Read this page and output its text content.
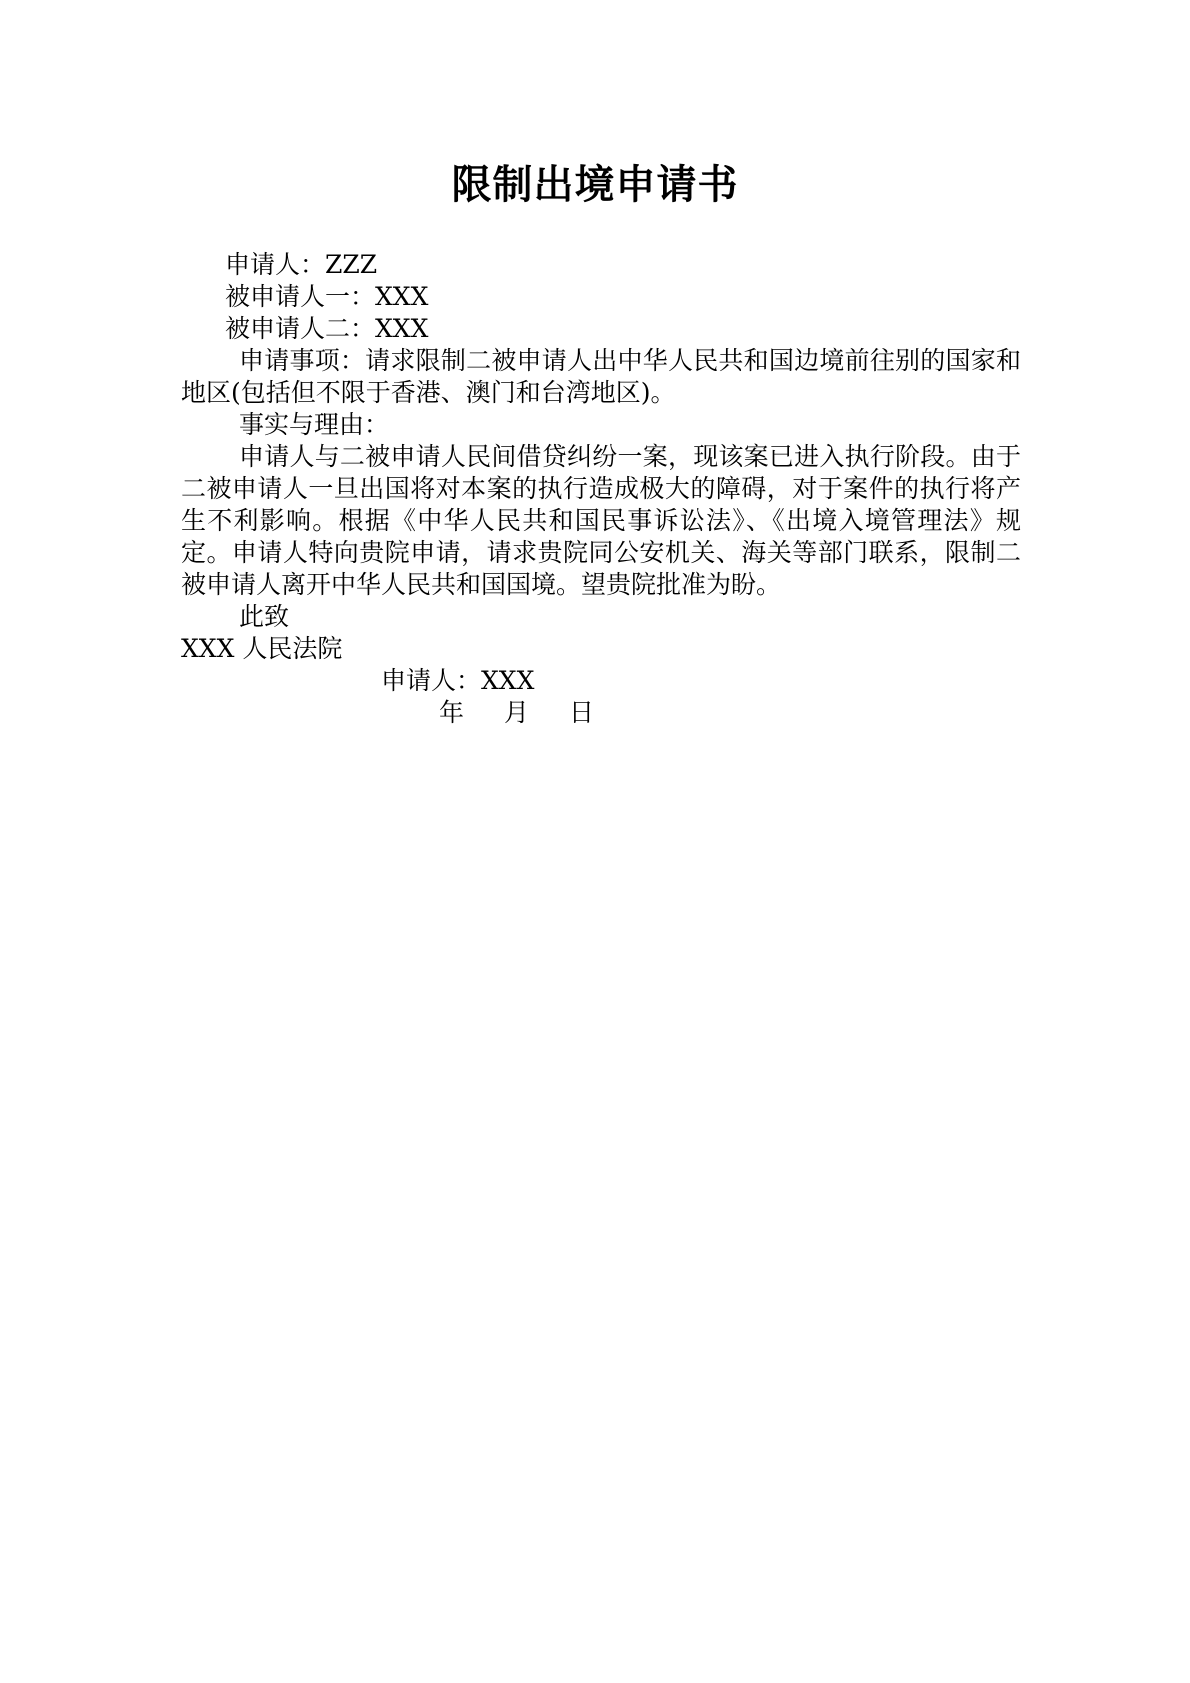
限制出境申请书
申请人：ZZZ
被申请人一：XXX
被申请人二：XXX
申请事项：请求限制二被申请人出中华人民共和国边境前往别的国家和地区(包括但不限于香港、澳门和台湾地区)。
事实与理由：
申请人与二被申请人民间借贷纠纷一案，现该案已进入执行阶段。由于二被申请人一旦出国将对本案的执行造成极大的障碍，对于案件的执行将产生不利影响。根据《中华人民共和国民事诉讼法》、《出境入境管理法》规定。申请人特向贵院申请，请求贵院同公安机关、海关等部门联系，限制二被申请人离开中华人民共和国国境。望贵院批准为盼。
此致
XXX 人民法院
申请人：XXX
年 月 日
